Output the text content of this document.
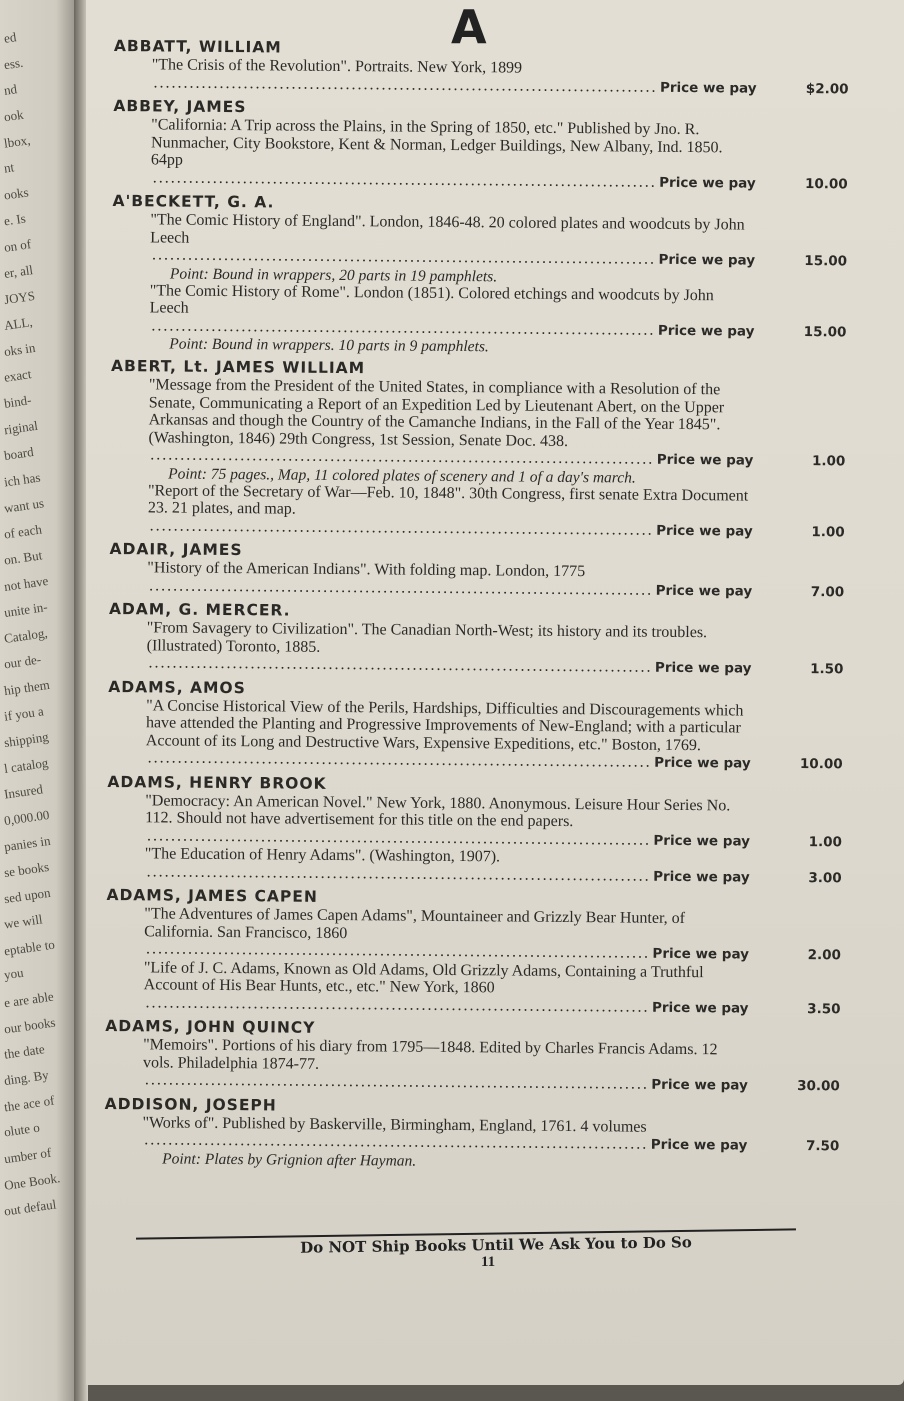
ed
ess.
nd
ook
lbox,
nt
ooks
e. Is
on of
er, all
JOYS
ALL,
oks in
exact
bind-
riginal
board
ich has
want us
of each
on. But
not have
unite in-
Catalog,
our de-
hip them
if you a
shipping
l catalog
Insured
0,000.00
panies in
se books
sed upon
we will
eptable to
you
e are able
our books
the date
ding. By
the ace of
olute o
umber of
One Book.
out defaul
A
ABBATT, WILLIAM
"The Crisis of the Revolution". Portraits. New York, 1899
.....
Price we pay	$2.00
ABBEY, JAMES
"California: A Trip across the Plains, in the Spring of 1850, etc." Published by Jno. R. Nunmacher, City Bookstore, Kent & Norman, Ledger Buildings, New Albany, Ind. 1850. 64pp
.....
Price we pay	10.00
A'BECKETT, G. A.
"The Comic History of England". London, 1846-48. 20 colored plates and woodcuts by John Leech
.....
Price we pay	15.00
Point: Bound in wrappers, 20 parts in 19 pamphlets.
"The Comic History of Rome". London (1851). Colored etchings and woodcuts by John Leech
.....
Price we pay	15.00
Point: Bound in wrappers. 10 parts in 9 pamphlets.
ABERT, Lt. JAMES WILLIAM
"Message from the President of the United States, in compliance with a Resolution of the Senate, Communicating a Report of an Expedition Led by Lieutenant Abert, on the Upper Arkansas and though the Country of the Camanche Indians, in the Fall of the Year 1845". (Washington, 1846) 29th Congress, 1st Session, Senate Doc. 438.
.....
Price we pay	1.00
Point: 75 pages., Map, 11 colored plates of scenery and 1 of a day's march.
"Report of the Secretary of War—Feb. 10, 1848". 30th Congress, first senate Extra Document 23. 21 plates, and map.
.....
Price we pay	1.00
ADAIR, JAMES
"History of the American Indians". With folding map. London, 1775
.....
Price we pay	7.00
ADAM, G. MERCER.
"From Savagery to Civilization". The Canadian North-West; its history and its troubles. (Illustrated) Toronto, 1885.
.....
Price we pay	1.50
ADAMS, AMOS
"A Concise Historical View of the Perils, Hardships, Difficulties and Discouragements which have attended the Planting and Progressive Improvements of New-England; with a particular Account of its Long and Destructive Wars, Expensive Expeditions, etc." Boston, 1769.
.....
Price we pay	10.00
ADAMS, HENRY BROOK
"Democracy: An American Novel." New York, 1880. Anonymous. Leisure Hour Series No. 112. Should not have advertisement for this title on the end papers.
.....
Price we pay	1.00
"The Education of Henry Adams". (Washington, 1907).
.....
Price we pay	3.00
ADAMS, JAMES CAPEN
"The Adventures of James Capen Adams", Mountaineer and Grizzly Bear Hunter, of California. San Francisco, 1860
.....
Price we pay	2.00
"Life of J. C. Adams, Known as Old Adams, Old Grizzly Adams, Containing a Truthful Account of His Bear Hunts, etc., etc." New York, 1860
.....
Price we pay	3.50
ADAMS, JOHN QUINCY
"Memoirs". Portions of his diary from 1795—1848. Edited by Charles Francis Adams. 12 vols. Philadelphia 1874-77.
.....
Price we pay	30.00
ADDISON, JOSEPH
"Works of". Published by Baskerville, Birmingham, England, 1761. 4 volumes
.....
Price we pay	7.50
Point: Plates by Grignion after Hayman.
Do NOT Ship Books Until We Ask You to Do So
11
